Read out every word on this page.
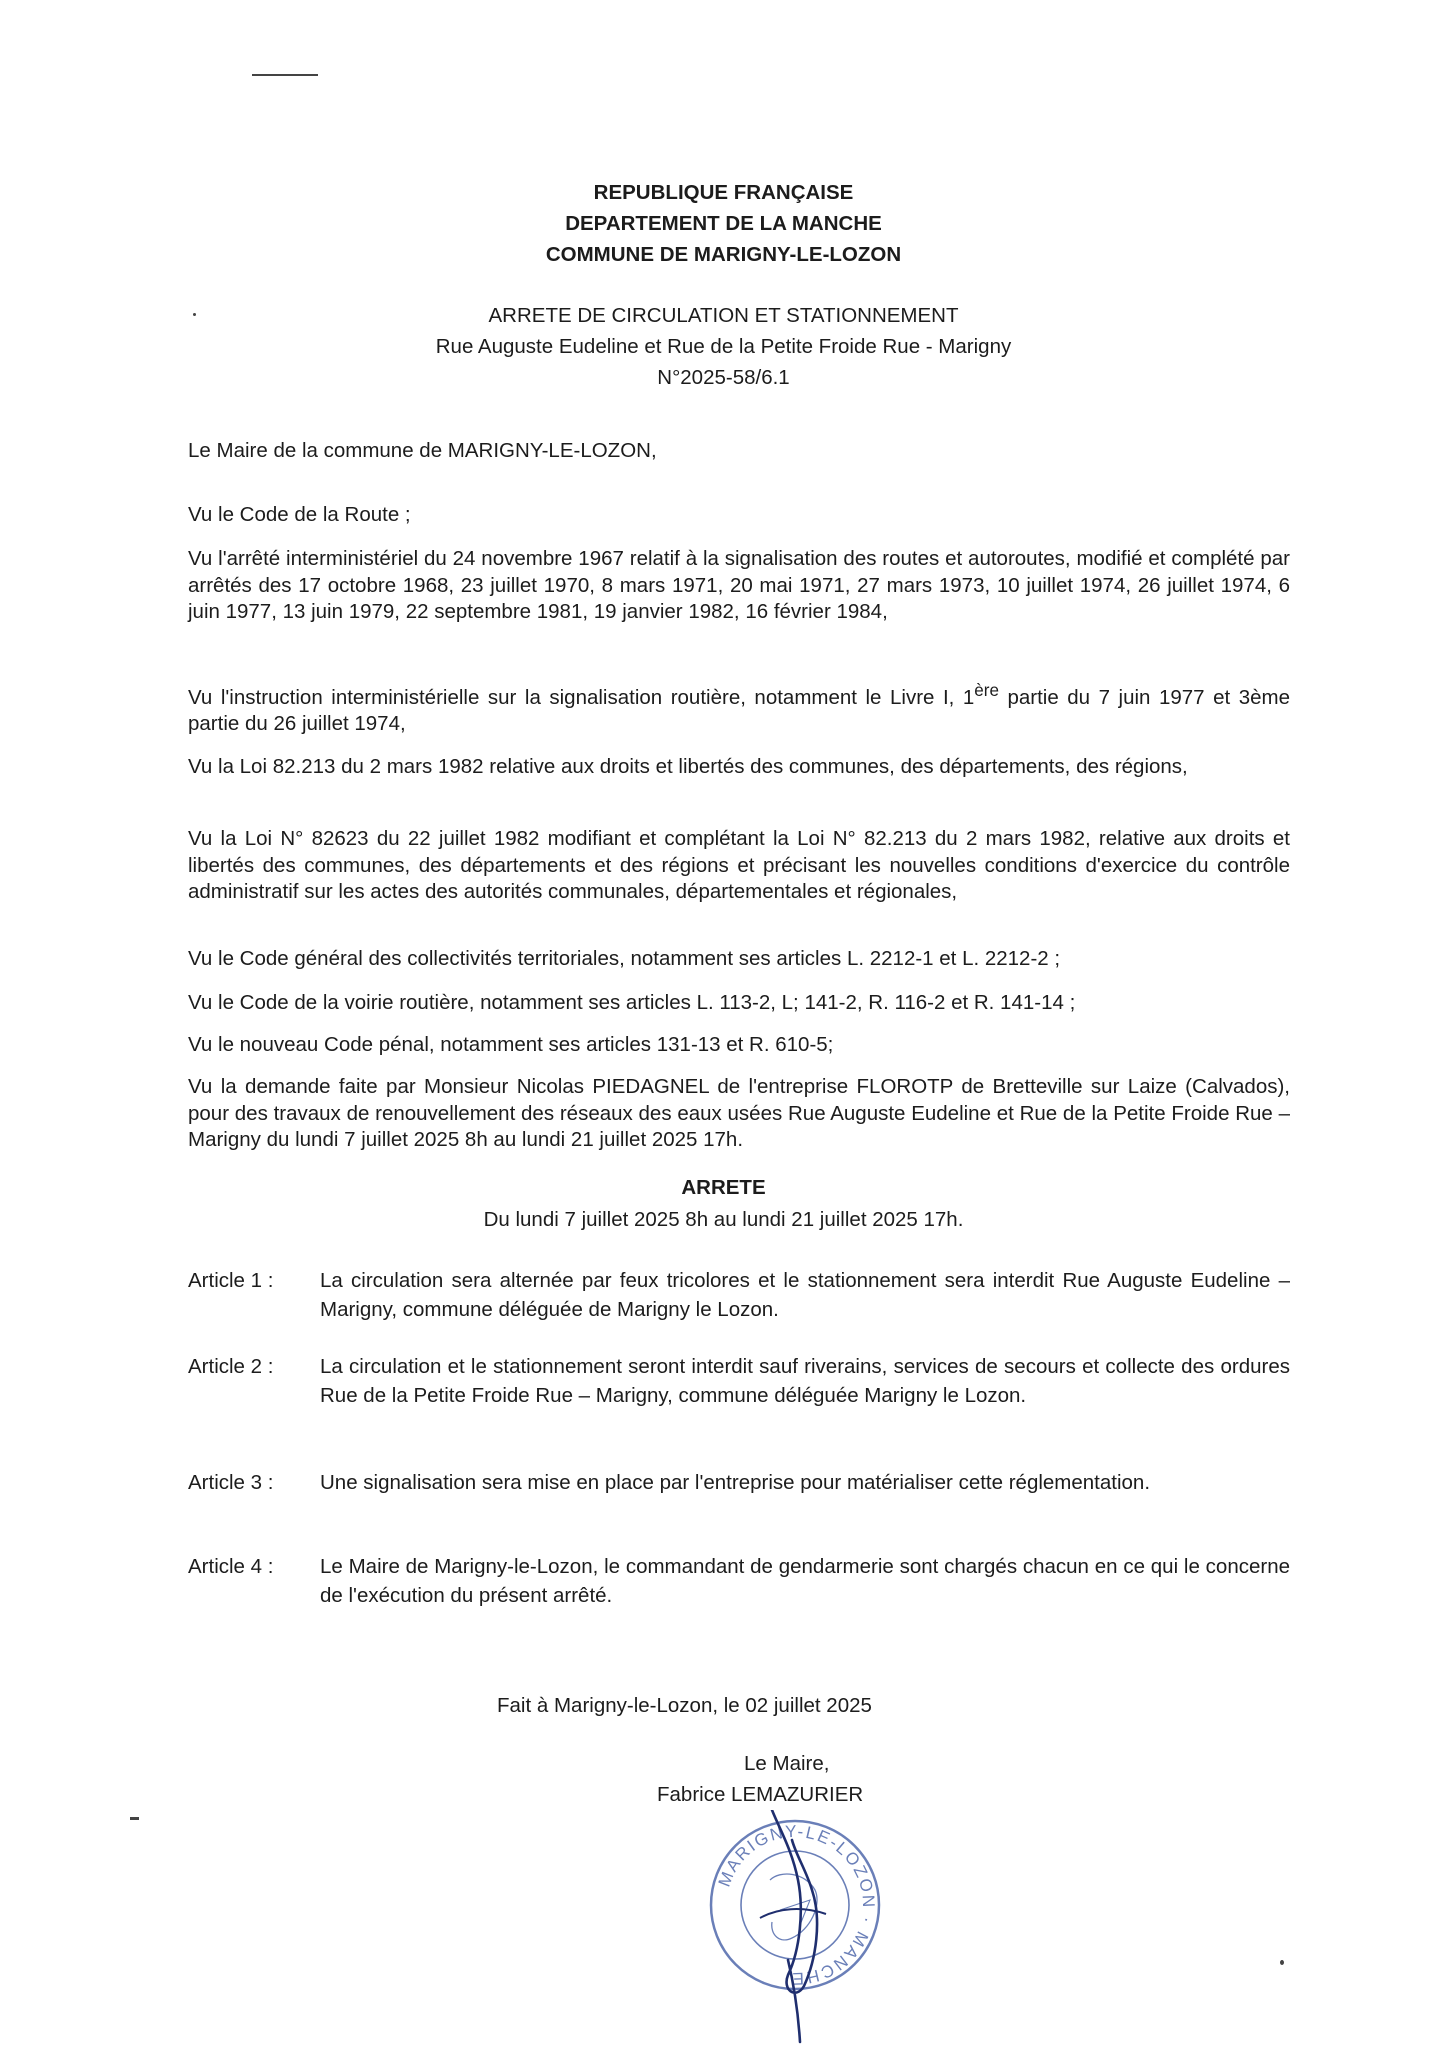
REPUBLIQUE FRANÇAISE
DEPARTEMENT DE LA MANCHE
COMMUNE DE MARIGNY-LE-LOZON
ARRETE DE CIRCULATION ET STATIONNEMENT
Rue Auguste Eudeline et Rue de la Petite Froide Rue - Marigny
N°2025-58/6.1

Le Maire de la commune de MARIGNY-LE-LOZON,

Vu le Code de la Route ;

Vu l'arrêté interministériel du 24 novembre 1967 relatif à la signalisation des routes et autoroutes, modifié et complété par arrêtés des 17 octobre 1968, 23 juillet 1970, 8 mars 1971, 20 mai 1971, 27 mars 1973, 10 juillet 1974, 26 juillet 1974, 6 juin 1977, 13 juin 1979, 22 septembre 1981, 19 janvier 1982, 16 février 1984,

Vu l'instruction interministérielle sur la signalisation routière, notamment le Livre I, 1ère partie du 7 juin 1977 et 3ème partie du 26 juillet 1974,

Vu la Loi 82.213 du 2 mars 1982 relative aux droits et libertés des communes, des départements, des régions,

Vu la Loi N° 82623 du 22 juillet 1982 modifiant et complétant la Loi N° 82.213 du 2 mars 1982, relative aux droits et libertés des communes, des départements et des régions et précisant les nouvelles conditions d'exercice du contrôle administratif sur les actes des autorités communales, départementales et régionales,

Vu le Code général des collectivités territoriales, notamment ses articles L. 2212-1 et L. 2212-2 ;

Vu le Code de la voirie routière, notamment ses articles L. 113-2, L; 141-2, R. 116-2 et R. 141-14 ;

Vu le nouveau Code pénal, notamment ses articles 131-13 et R. 610-5;

Vu la demande faite par Monsieur Nicolas PIEDAGNEL de l'entreprise FLOROTP de Bretteville sur Laize (Calvados), pour des travaux de renouvellement des réseaux des eaux usées Rue Auguste Eudeline et Rue de la Petite Froide Rue – Marigny du lundi 7 juillet 2025 8h au lundi 21 juillet 2025 17h.

ARRETE
Du lundi 7 juillet 2025 8h au lundi 21 juillet 2025 17h.
Article 1 :	La circulation sera alternée par feux tricolores et le stationnement sera interdit Rue Auguste Eudeline – Marigny, commune déléguée de Marigny le Lozon.
Article 2 :	La circulation et le stationnement seront interdit sauf riverains, services de secours et collecte des ordures Rue de la Petite Froide Rue – Marigny, commune déléguée Marigny le Lozon.
Article 3 :	Une signalisation sera mise en place par l'entreprise pour matérialiser cette réglementation.
Article 4 :	Le Maire de Marigny-le-Lozon, le commandant de gendarmerie sont chargés chacun en ce qui le concerne de l'exécution du présent arrêté.
Fait à Marigny-le-Lozon, le 02 juillet 2025
Le Maire,
Fabrice LEMAZURIER
MARIGNY-LE-LOZON · MANCHE
